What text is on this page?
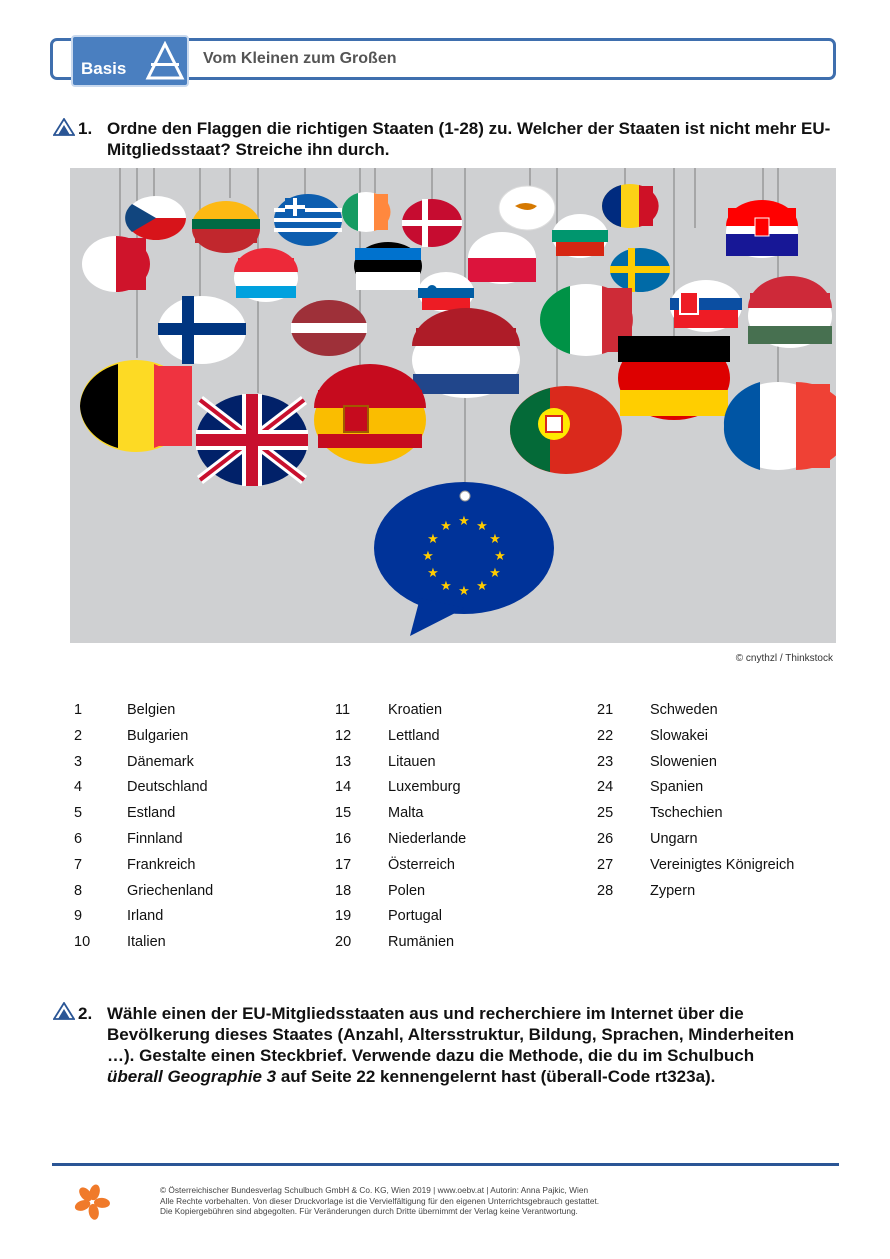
Basis
Vom Kleinen zum Großen
1. Ordne den Flaggen die richtigen Staaten (1-28) zu. Welcher der Staaten ist nicht mehr EU-Mitgliedsstaat? Streiche ihn durch.
★ ★
★
★
★
★
★
★
★
★
★
★
© cnythzl / Thinkstock
1	Belgien
2	Bulgarien
3	Dänemark
4	Deutschland
5	Estland
6	Finnland
7	Frankreich
8	Griechenland
9	Irland
10	Italien
11	Kroatien
12	Lettland
13	Litauen
14	Luxemburg
15	Malta
16	Niederlande
17	Österreich
18	Polen
19	Portugal
20	Rumänien
21	Schweden
22	Slowakei
23	Slowenien
24	Spanien
25	Tschechien
26	Ungarn
27	Vereinigtes Königreich
28	Zypern
2. Wähle einen der EU-Mitgliedsstaaten aus und recherchiere im Internet über die
Bevölkerung dieses Staates (Anzahl, Altersstruktur, Bildung, Sprachen, Minderheiten
…). Gestalte einen Steckbrief. Verwende dazu die Methode, die du im Schulbuch
überall Geographie 3 auf Seite 22 kennengelernt hast (überall-Code rt323a).
© Österreichischer Bundesverlag Schulbuch GmbH & Co. KG, Wien 2019 | www.oebv.at | Autorin: Anna Pajkic, Wien
Alle Rechte vorbehalten. Von dieser Druckvorlage ist die Vervielfältigung für den eigenen Unterrichtsgebrauch gestattet.
Die Kopiergebühren sind abgegolten. Für Veränderungen durch Dritte übernimmt der Verlag keine Verantwortung.
